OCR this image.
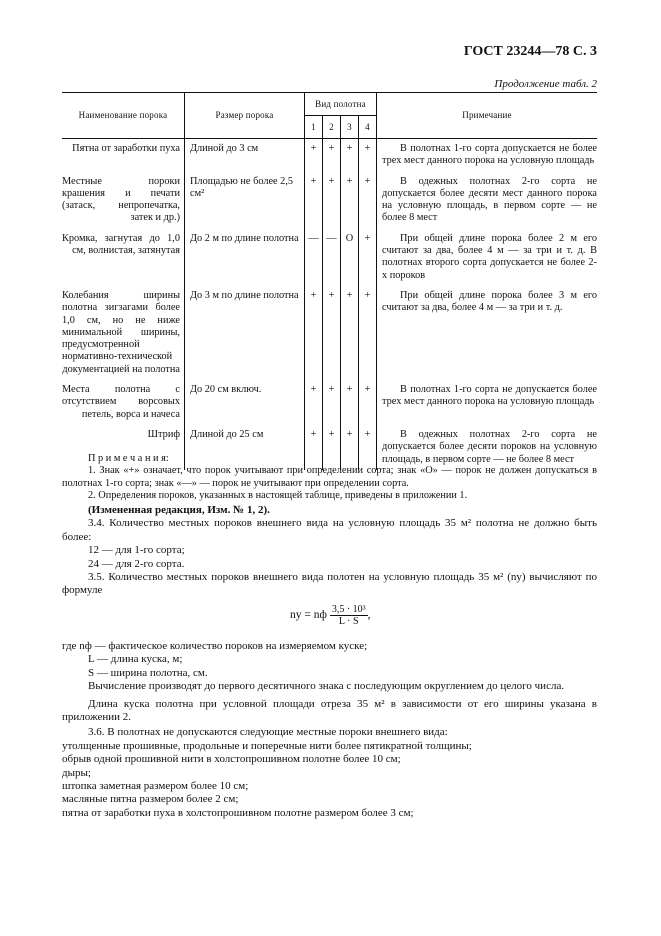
ГОСТ 23244—78 С. 3
Продолжение табл. 2
Наименование порока	Размер порока	Вид полотна				Примечание
		1	2	3	4	
Пятна от заработки пуха	Длиной до 3 см	+	+	+	+	В полотнах 1-го сорта допускается не более трех мест данного порока на условную площадь
Местные пороки крашения и печати (затаск, непропечатка, затек и др.)	Площадью не более 2,5 см²	+	+	+	+	В одежных полотнах 2-го сорта не допускается более десяти мест данного порока на условную площадь, в первом сорте — не более 8 мест
Кромка, загнутая до 1,0 см, волнистая, затянутая	До 2 м по длине полотна	—	—	О	+	При общей длине порока более 2 м его считают за два, более 4 м — за три и т. д. В полотнах второго сорта допускается не более 2-х пороков
Колебания ширины полотна зигзагами более 1,0 см, но не ниже минимальной ширины, предусмотренной нормативно-технической документацией на полотна	До 3 м по длине полотна	+	+	+	+	При общей длине порока более 3 м его считают за два, более 4 м — за три и т. д.
Места полотна с отсутствием ворсовых петель, ворса и начеса	До 20 см включ.	+	+	+	+	В полотнах 1-го сорта не допускается более трех мест данного порока на условную площадь
Штриф	Длиной до 25 см	+	+	+	+	В одежных полотнах 2-го сорта не допускается более десяти пороков на условную площадь, в первом сорте — не более 8 мест

П р и м е ч а н и я:

1. Знак «+» означает, что порок учитывают при определении сорта; знак «О» — порок не должен допускаться в полотнах 1-го сорта; знак «—» — порок не учитывают при определении сорта.

2. Определения пороков, указанных в настоящей таблице, приведены в приложении 1.

(Измененная редакция, Изм. № 1, 2).

3.4. Количество местных пороков внешнего вида на условную площадь 35 м² полотна не должно быть более:

12 — для 1-го сорта;

24 — для 2-го сорта.

3.5. Количество местных пороков внешнего вида полотен на условную площадь 35 м² (nу) вычисляют по формуле

nу = nф $\frac{\text{3,5 · 10³}}{L \cdot S}$ ,

где nф — фактическое количество пороков на измеряемом куске;

L — длина куска, м;

S — ширина полотна, см.

Вычисление производят до первого десятичного знака с последующим округлением до целого числа.

Длина куска полотна при условной площади отреза 35 м² в зависимости от его ширины указана в приложении 2.

3.6. В полотнах не допускаются следующие местные пороки внешнего вида:

утолщенные прошивные, продольные и поперечные нити более пятикратной толщины;

обрыв одной прошивной нити в холстопрошивном полотне более 10 см;

дыры;

штопка заметная размером более 10 см;

масляные пятна размером более 2 см;

пятна от заработки пуха в холстопрошивном полотне размером более 3 см;
